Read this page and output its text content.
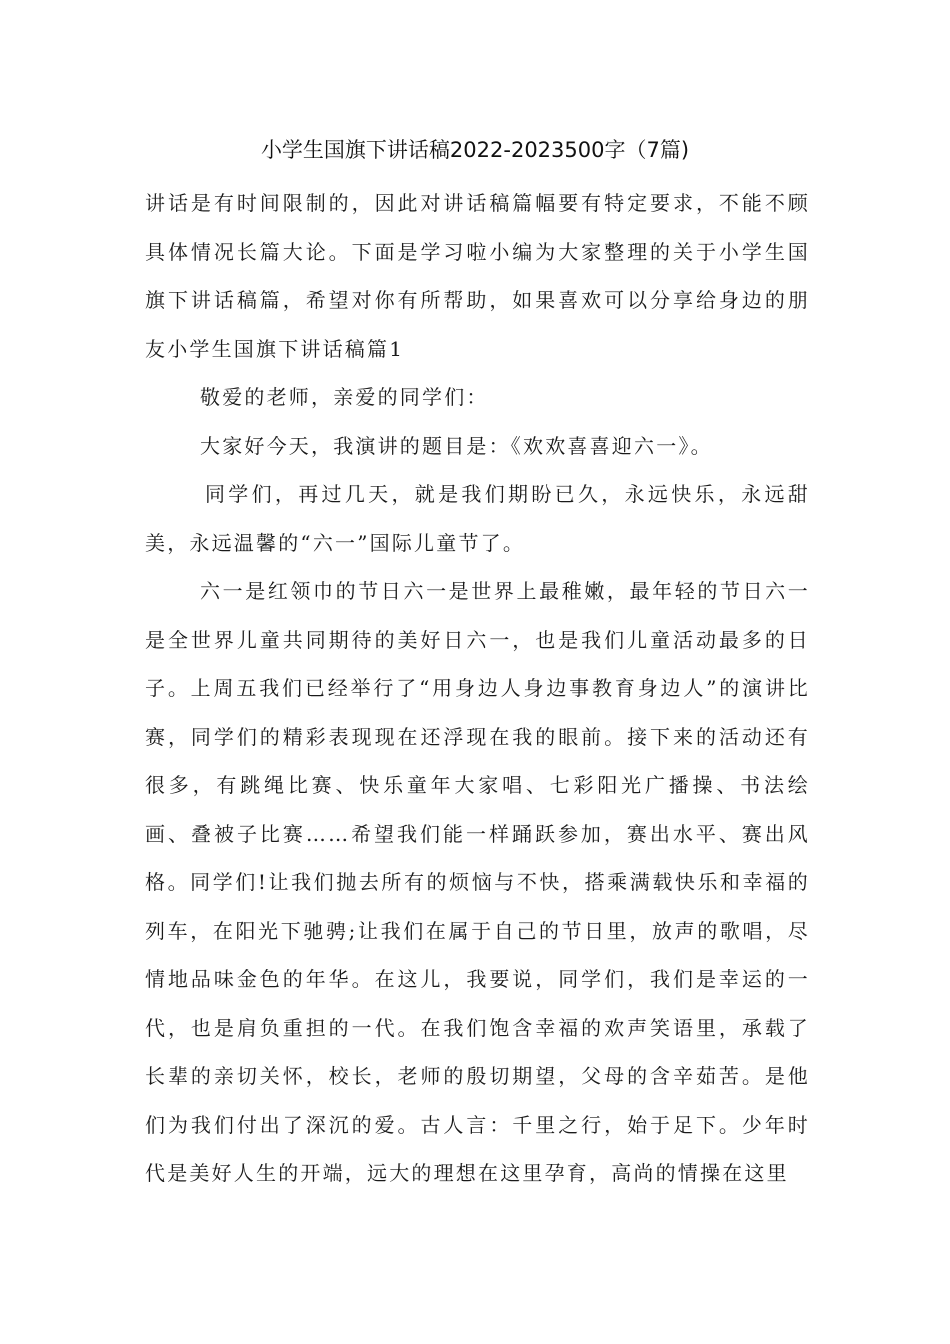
小学生国旗下讲话稿2022-2023500字（7篇)

讲话是有时间限制的，因此对讲话稿篇幅要有特定要求，不能不顾具体情况长篇大论。下面是学习啦小编为大家整理的关于小学生国旗下讲话稿篇，希望对你有所帮助，如果喜欢可以分享给身边的朋友小学生国旗下讲话稿篇1

敬爱的老师，亲爱的同学们：

大家好今天，我演讲的题目是：《欢欢喜喜迎六一》。

同学们，再过几天，就是我们期盼已久，永远快乐，永远甜美，永远温馨的“六一”国际儿童节了。

六一是红领巾的节日六一是世界上最稚嫩，最年轻的节日六一是全世界儿童共同期待的美好日六一，也是我们儿童活动最多的日子。上周五我们已经举行了“用身边人身边事教育身边人”的演讲比赛，同学们的精彩表现现在还浮现在我的眼前。接下来的活动还有很多，有跳绳比赛、快乐童年大家唱、七彩阳光广播操、书法绘画、叠被子比赛……希望我们能一样踊跃参加，赛出水平、赛出风格。同学们!让我们抛去所有的烦恼与不快，搭乘满载快乐和幸福的列车，在阳光下驰骋;让我们在属于自己的节日里，放声的歌唱，尽情地品味金色的年华。在这儿，我要说，同学们，我们是幸运的一代，也是肩负重担的一代。在我们饱含幸福的欢声笑语里，承载了长辈的亲切关怀，校长，老师的殷切期望，父母的含辛茹苦。是他们为我们付出了深沉的爱。古人言：千里之行，始于足下。少年时代是美好人生的开端，远大的理想在这里孕育，高尚的情操在这里
